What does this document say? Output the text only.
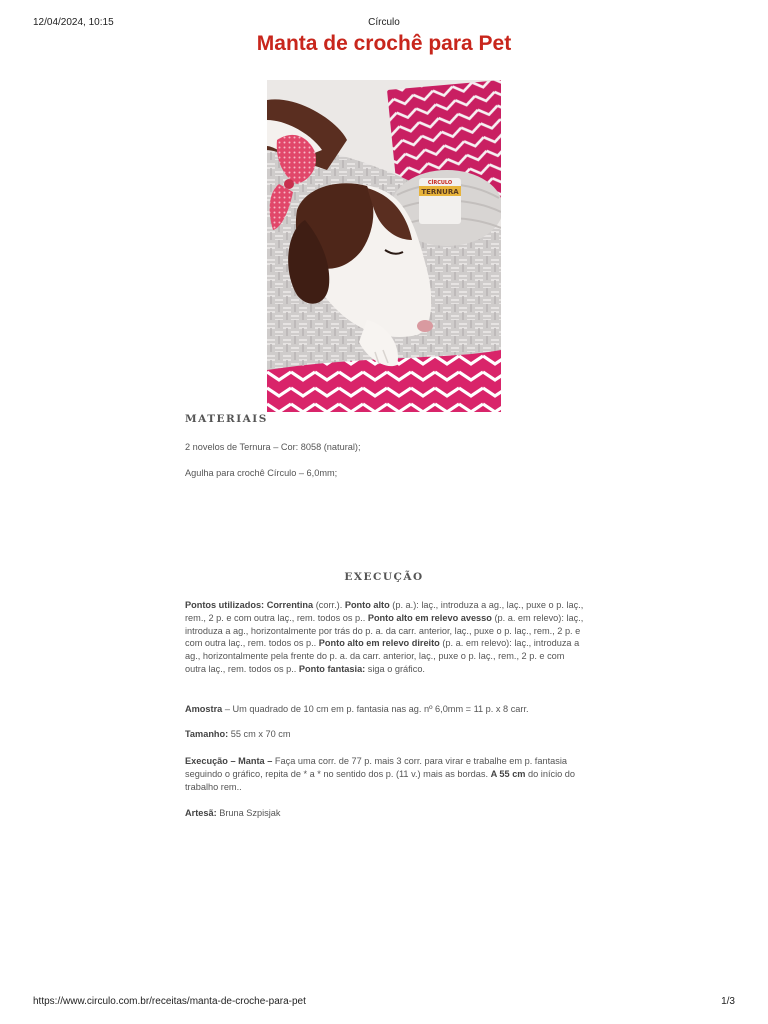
12/04/2024, 10:15	Círculo
Manta de crochê para Pet
CÍRCULO
TERNURA
MATERIAIS

2 novelos de Ternura – Cor: 8058 (natural);

Agulha para crochê Círculo – 6,0mm;

EXECUÇÃO

Pontos utilizados: Correntina (corr.). Ponto alto (p. a.): laç., introduza a ag., laç., puxe o p. laç., rem., 2 p. e com outra laç., rem. todos os p.. Ponto alto em relevo avesso (p. a. em relevo): laç., introduza a ag., horizontalmente por trás do p. a. da carr. anterior, laç., puxe o p. laç., rem., 2 p. e com outra laç., rem. todos os p.. Ponto alto em relevo direito (p. a. em relevo): laç., introduza a ag., horizontalmente pela frente do p. a. da carr. anterior, laç., puxe o p. laç., rem., 2 p. e com outra laç., rem. todos os p.. Ponto fantasia: siga o gráfico.

Amostra – Um quadrado de 10 cm em p. fantasia nas ag. nº 6,0mm = 11 p. x 8 carr.

Tamanho: 55 cm x 70 cm

Execução – Manta – Faça uma corr. de 77 p. mais 3 corr. para virar e trabalhe em p. fantasia seguindo o gráfico, repita de * a * no sentido dos p. (11 v.) mais as bordas. A 55 cm do início do trabalho rem..

Artesã: Bruna Szpisjak

https://www.circulo.com.br/receitas/manta-de-croche-para-pet	1/3
